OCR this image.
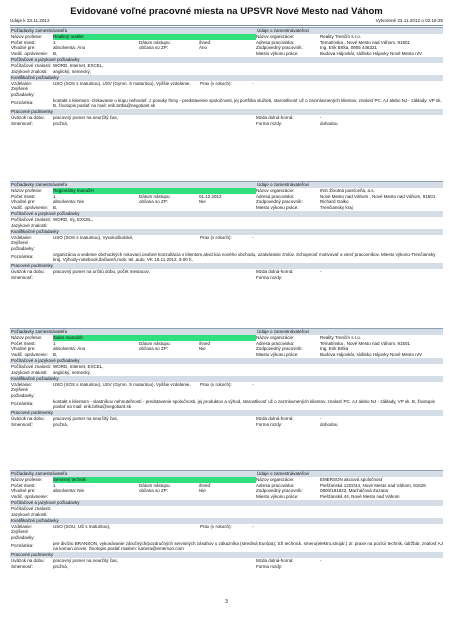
Evidované voľné pracovné miesta na UPSVR Nové Mesto nad Váhom
Údaje k 23.11.2012	Vytvorené 23.11.2012 o 02:18:25
Požiadavky zamestnávateľa	Údaje o zamestnávateľovi
Názov profesie:	Realitný maklér	Názov organizácie:	Reality Trenčín s.r.o.
Počet miest:	1	Dátum nástupu:	ihneď	Adresa pracoviska:	Tematínska , Nové Mesto nad Váhom, 91501
Vhodné pre:	absolventa: Áno	občana so ZP:	Áno	Zodpovedný pracovník:	Ing. Erik Brtka, 0905 446321
Vodič. oprávnenie:	B,	Miesto výkonu práce:	Budova Hájovkár, sídlisko Hájovky Nové Mesto n/V
Počítačové a jazykové požiadavky
Počítačové znalosti: WORD, Internet, EXCEL,
Jazykové znalosti:	anglický, nemecký,
Kvalifikačné požiadavky
Vzdelanie:	USO (SOS s maturitou), USV (Gymn. S maturitou), Vyššie vzdelanie,	Prax (v rokoch):	-
Zvýšené požiadavky:
Poznámka:
kontakt s klientom -získavanie o kúpu nehnuteľ. z ponuky firmy - predstavenie spoločnosti, jej portfólia služieb, starostlivosť už o zazmluvnených klientov, znalosť PC. AJ alebo NJ - základy. VP sk. B. životopis poslať na mail: erik.brtka@negotiant.sk
Pracovné podmienky
Úväzok na dobu:	pracovný pomer na neurčitý čas,	Mzda dolná-horná:	-
Smennosť:	pružná,	Forma mzdy:	dohodou
Požiadavky zamestnávateľa	Údaje o zamestnávateľovi
Názov profesie:	Regionálny manažér	Názov organizácie:	ING Životná poisťovňa, a.s.
Počet miest:	1	Dátum nástupu:	01.12.2012	Adresa pracoviska:	Nové Mesto nad Váhom , Nové Mesto nad Váhom, 91501
Vhodné pre:	absolventa: Nie	občana so ZP:	Nie	Zodpovedný pracovník:	Richard Galko
Vodič. oprávnenie:	B,	Miesto výkonu práce:	Trenčiansky kraj
Počítačové a jazykové požiadavky
Počítačové znalosti: WORD, Inj, EXCEL,
Jazykové znalosti:
Kvalifikačné požiadavky
Vzdelanie:	USO (SOS s maturitou), Vysokoškolské,	Prax (v rokoch):	-
Zvýšené požiadavky:
Poznámka:
organizácia a vedenie obchodných rokovaní,osobné konzultácia s klientom,akvizícia nového obchodu, uzatváranie zmlúv. Schopnosť motivovať a viesť pracovníkov. Miesto výkonu-Trenčiansky kraj. Výhody-notebook,tlačiareň,mob. tel.,auto. VK 16.11.2012, 9.00 h,
Pracovné podmienky
Úväzok na dobu:	pracovný pomer na určitú dobu, počet mesiacov,	Mzda dolná-horná:	-
Smennosť:	Forma mzdy:
Požiadavky zamestnávateľa	Údaje o zamestnávateľovi
Názov profesie:	Sales manažér	Názov organizácie:	Reality Trenčín s.r.o.
Počet miest:	1	Dátum nástupu:	ihneď	Adresa pracoviska:	Tematínska , Nové Mesto nad Váhom, 91501
Vhodné pre:	absolventa: Áno	občana so ZP:	Nie	Zodpovedný pracovník:	Ing. Erik Brtka
Vodič. oprávnenie:	B,	Miesto výkonu práce:	Budova Hájovkár, sídlisko Hájovky Nové Mesto n/V
Počítačové a jazykové požiadavky
Počítačové znalosti: WORD, Internet, EXCEL,
Jazykové znalosti:	anglický, nemecký,
Kvalifikačné požiadavky
Vzdelanie:	USO (SOS s maturitou), USV (Gymn. S maturitou), Vyššie vzdelanie,	Prax (v rokoch):	-
Zvýšené požiadavky:
Poznámka:
kontakt s klientom - vlastníkov nehnuteľností - predstavenie spoločnosti, jej produktov a výhod, starostlivosť už o zazmluvnených klientov, znalosť PC. AJ alebo NJ - základy, VP sk. B, životopis poslať na mail: erik.brtka@negotiant.sk
Pracovné podmienky
Úväzok na dobu:	pracovný pomer na neurčitý čas,	Mzda dolná-horná:	-
Smennosť:	pružná,	Forma mzdy:	dohodou
Požiadavky zamestnávateľa	Údaje o zamestnávateľovi
Názov profesie:	Servisný technik	Názov organizácie:	EMERSON akciová spoločnosť
Počet miest:	1	Dátum nástupu:	ihneď	Adresa pracoviska:	Piešťanská 1202/44, Nové Mesto nad Váhom, 91528
Vhodné pre:	absolventa: Nie	občana so ZP:	Nie	Zodpovedný pracovník:	0800/181822, Macháčová Zuzana
Vodič. oprávnenie:	Miesto výkonu práce:	Piešťanská 44, Nové Mesto nad Váhom
Počítačové a jazykové požiadavky
Počítačové znalosti:
Jazykové znalosti:
Kvalifikačné požiadavky
Vzdelanie:	USO (SOU, UŠ s maturitou),	Prax (v rokoch):	-
Zvýšené požiadavky:
Poznámka:
pre divíziu BRANSON, vykonávanie záručných/pozáručných servisných zásahov u zákazníka (strediná Európa); SŠ technick. smeru(elektro,strojár.) 2r. praxe na pozícii technik, údržbár, znalosť AJ na komun.úrovni. životopis poslať mailom: kariera@emerson.com
Pracovné podmienky
Úväzok na dobu:	pracovný pomer na neurčitý čas,	Mzda dolná-horná:	-
Smennosť:	pružná,	Forma mzdy:
3
